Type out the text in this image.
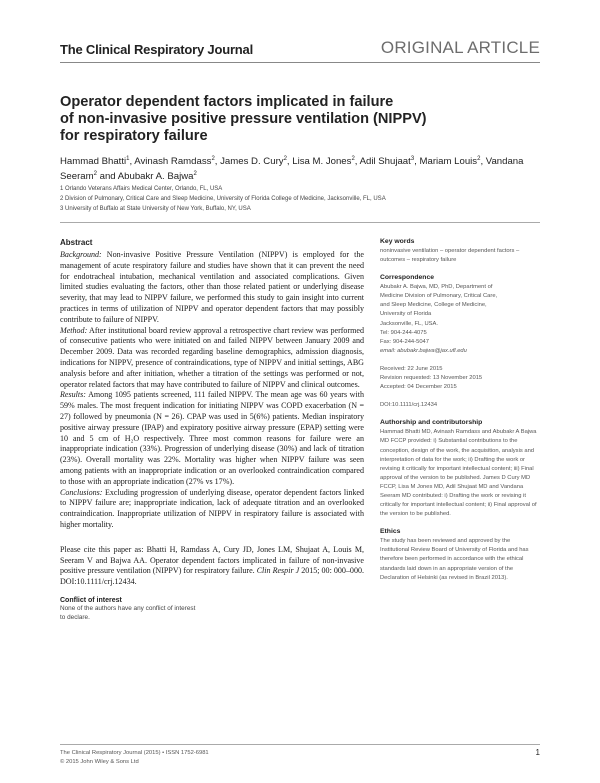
The Clinical Respiratory Journal	ORIGINAL ARTICLE
Operator dependent factors implicated in failure
of non-invasive positive pressure ventilation (NIPPV)
for respiratory failure
Hammad Bhatti$^1$, Avinash Ramdass$^2$, James D. Cury$^2$, Lisa M. Jones$^2$, Adil Shujaat$^3$, Mariam Louis$^2$, Vandana Seeram$^2$ and Abubakr A. Bajwa$^2$
1 Orlando Veterans Affairs Medical Center, Orlando, FL, USA
2 Division of Pulmonary, Critical Care and Sleep Medicine, University of Florida College of Medicine, Jacksonville, FL, USA
3 University of Buffalo at State University of New York, Buffalo, NY, USA
Abstract

Background: Non-invasive Positive Pressure Ventilation (NIPPV) is employed for the management of acute respiratory failure and studies have shown that it can prevent the need for endotracheal intubation, mechanical ventilation and associated complications. Given limited studies evaluating the factors, other than those related patient or underlying disease severity, that may lead to NIPPV failure, we performed this study to gain insight into current practices in terms of utilization of NIPPV and operator dependent factors that may possibly contribute to failure of NIPPV.

Method: After institutional board review approval a retrospective chart review was performed of consecutive patients who were initiated on and failed NIPPV between January 2009 and December 2009. Data was recorded regarding baseline demographics, admission diagnosis, indications for NIPPV, presence of contraindications, type of NIPPV and initial settings, ABG analysis before and after initiation, whether a titration of the settings was performed or not, operator related factors that may have contributed to failure of NIPPV and clinical outcomes.

Results: Among 1095 patients screened, 111 failed NIPPV. The mean age was 60 years with 59% males. The most frequent indication for initiating NIPPV was COPD exacerbation (N = 27) followed by pneumonia (N = 26). CPAP was used in 5(6%) patients. Median inspiratory positive airway pressure (IPAP) and expiratory positive airway pressure (EPAP) setting were 10 and 5 cm of H₂O respectively. Three most common reasons for failure were an inappropriate indication (33%). Progression of underlying disease (30%) and lack of titration (23%). Overall mortality was 22%. Mortality was higher when NIPPV failure was seen among patients with an inappropriate indication or an overlooked contraindication compared to those with an appropriate indication (27% vs 17%).

Conclusions: Excluding progression of underlying disease, operator dependent factors linked to NIPPV failure are; inappropriate indication, lack of adequate titration and an overlooked contraindication. Inappropriate utilization of NIPPV in respiratory failure is associated with higher mortality.

Please cite this paper as: Bhatti H, Ramdass A, Cury JD, Jones LM, Shujaat A, Louis M, Seeram V and Bajwa AA. Operator dependent factors implicated in failure of non-invasive positive pressure ventilation (NIPPV) for respiratory failure. Clin Respir J 2015; 00: 000–000. DOI:10.1111/crj.12434.
Conflict of interest
None of the authors have any conflict of interest to declare.
Key words
noninvasive ventilation – operator dependent factors – outcomes – respiratory failure
Correspondence
Abubakr A. Bajwa, MD, PhD, Department of
Medicine Division of Pulmonary, Critical Care,
and Sleep Medicine, College of Medicine,
University of Florida
Jacksonville, FL, USA.
Tel: 904-244-4075
Fax: 904-244-5047
email: abubakr.bajwa@jax.ufl.edu
Received: 22 June 2015
Revision requested: 13 November 2015
Accepted: 04 December 2015
DOI:10.1111/crj.12434
Authorship and contributorship
Hammad Bhatti MD, Avinash Ramdass and Abubakr A Bajwa MD FCCP provided: i) Substantial contributions to the conception, design of the work, the acquisition, analysis and interpretation of data for the work; ii) Drafting the work or revising it critically for important intellectual content; iii) Final approval of the version to be published. James D Cury MD FCCP, Lisa M Jones MD, Adil Shujaat MD and Vandana Seeram MD contributed: i) Drafting the work or revising it critically for important intellectual content; ii) Final approval of the version to be published.
Ethics
The study has been reviewed and approved by the Institutional Review Board of University of Florida and has therefore been performed in accordance with the ethical standards laid down in an appropriate version of the Declaration of Helsinki (as revised in Brazil 2013).
The Clinical Respiratory Journal (2015) • ISSN 1752-6981
© 2015 John Wiley & Sons Ltd
1
